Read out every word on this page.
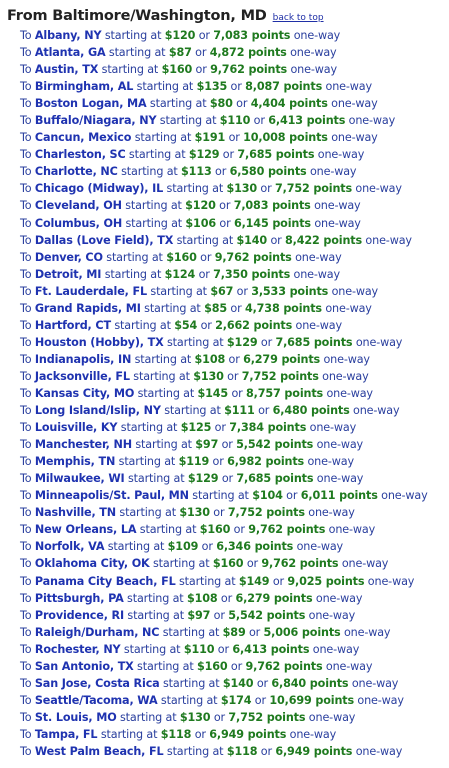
From Baltimore/Washington, MD back to top
To Albany, NY starting at $120 or 7,083 points one-way
To Atlanta, GA starting at $87 or 4,872 points one-way
To Austin, TX starting at $160 or 9,762 points one-way
To Birmingham, AL starting at $135 or 8,087 points one-way
To Boston Logan, MA starting at $80 or 4,404 points one-way
To Buffalo/Niagara, NY starting at $110 or 6,413 points one-way
To Cancun, Mexico starting at $191 or 10,008 points one-way
To Charleston, SC starting at $129 or 7,685 points one-way
To Charlotte, NC starting at $113 or 6,580 points one-way
To Chicago (Midway), IL starting at $130 or 7,752 points one-way
To Cleveland, OH starting at $120 or 7,083 points one-way
To Columbus, OH starting at $106 or 6,145 points one-way
To Dallas (Love Field), TX starting at $140 or 8,422 points one-way
To Denver, CO starting at $160 or 9,762 points one-way
To Detroit, MI starting at $124 or 7,350 points one-way
To Ft. Lauderdale, FL starting at $67 or 3,533 points one-way
To Grand Rapids, MI starting at $85 or 4,738 points one-way
To Hartford, CT starting at $54 or 2,662 points one-way
To Houston (Hobby), TX starting at $129 or 7,685 points one-way
To Indianapolis, IN starting at $108 or 6,279 points one-way
To Jacksonville, FL starting at $130 or 7,752 points one-way
To Kansas City, MO starting at $145 or 8,757 points one-way
To Long Island/Islip, NY starting at $111 or 6,480 points one-way
To Louisville, KY starting at $125 or 7,384 points one-way
To Manchester, NH starting at $97 or 5,542 points one-way
To Memphis, TN starting at $119 or 6,982 points one-way
To Milwaukee, WI starting at $129 or 7,685 points one-way
To Minneapolis/St. Paul, MN starting at $104 or 6,011 points one-way
To Nashville, TN starting at $130 or 7,752 points one-way
To New Orleans, LA starting at $160 or 9,762 points one-way
To Norfolk, VA starting at $109 or 6,346 points one-way
To Oklahoma City, OK starting at $160 or 9,762 points one-way
To Panama City Beach, FL starting at $149 or 9,025 points one-way
To Pittsburgh, PA starting at $108 or 6,279 points one-way
To Providence, RI starting at $97 or 5,542 points one-way
To Raleigh/Durham, NC starting at $89 or 5,006 points one-way
To Rochester, NY starting at $110 or 6,413 points one-way
To San Antonio, TX starting at $160 or 9,762 points one-way
To San Jose, Costa Rica starting at $140 or 6,840 points one-way
To Seattle/Tacoma, WA starting at $174 or 10,699 points one-way
To St. Louis, MO starting at $130 or 7,752 points one-way
To Tampa, FL starting at $118 or 6,949 points one-way
To West Palm Beach, FL starting at $118 or 6,949 points one-way
